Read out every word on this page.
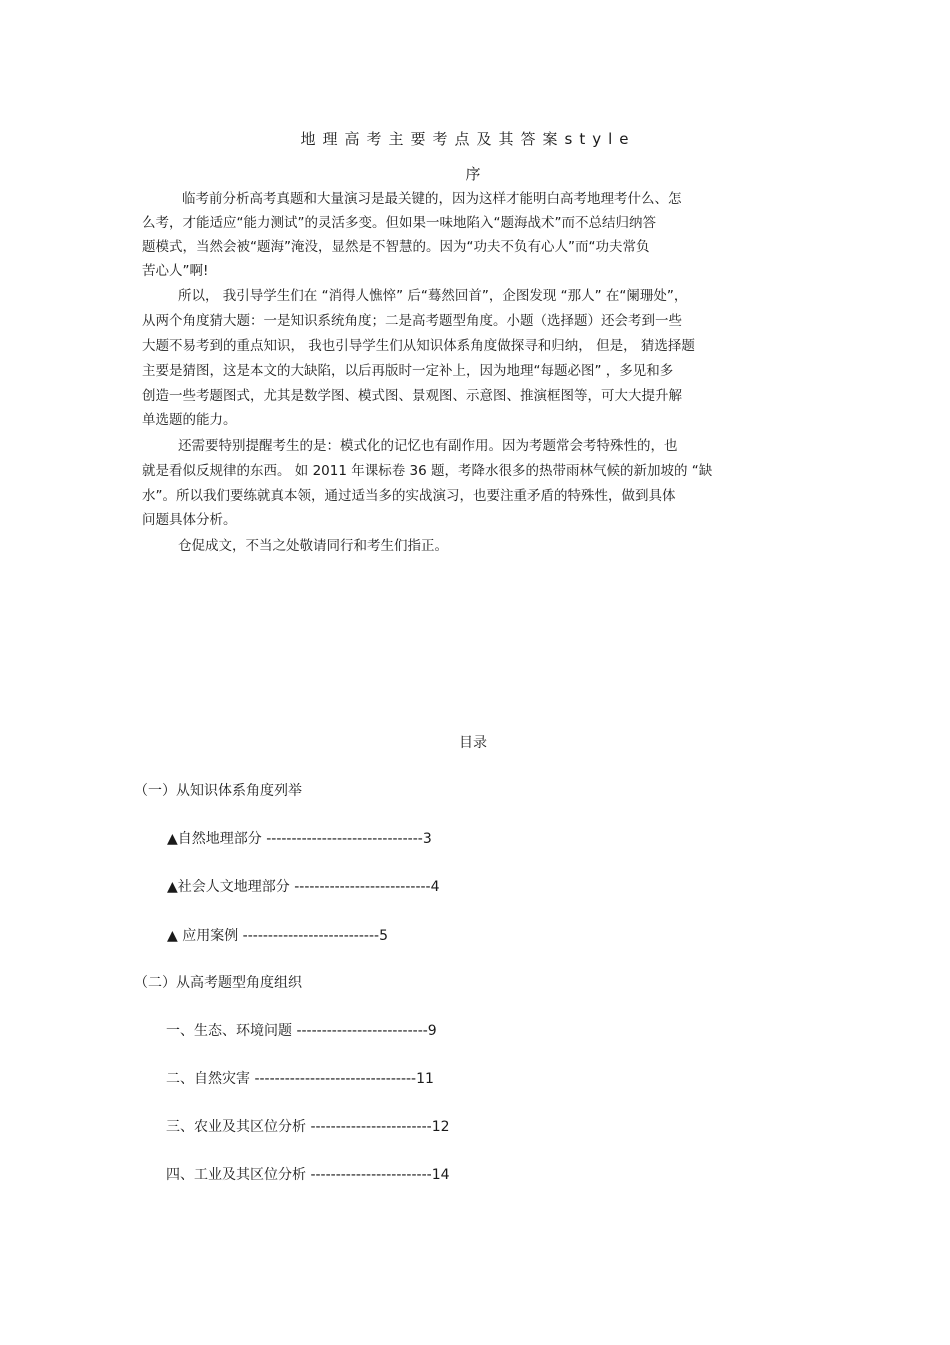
地理高考主要考点及其答案style
序
临考前分析高考真题和大量演习是最关键的，因为这样才能明白高考地理考什么、怎
么考，才能适应“能力测试”的灵活多变。但如果一味地陷入“题海战术”而不总结归纳答
题模式，当然会被“题海”淹没，显然是不智慧的。因为“功夫不负有心人”而“功夫常负
苦心人”啊!
所以， 我引导学生们在 “消得人憔悴” 后“蓦然回首”，企图发现 “那人” 在“阑珊处”，
从两个角度猜大题：一是知识系统角度；二是高考题型角度。小题（选择题）还会考到一些
大题不易考到的重点知识， 我也引导学生们从知识体系角度做探寻和归纳， 但是， 猜选择题
主要是猜图，这是本文的大缺陷，以后再版时一定补上，因为地理“每题必图” ，多见和多
创造一些考题图式，尤其是数学图、模式图、景观图、示意图、推演框图等，可大大提升解
单选题的能力。
还需要特别提醒考生的是：模式化的记忆也有副作用。因为考题常会考特殊性的，也
就是看似反规律的东西。 如 2011 年课标卷 36 题，考降水很多的热带雨林气候的新加坡的 “缺
水”。所以我们要练就真本领，通过适当多的实战演习，也要注重矛盾的特殊性，做到具体
问题具体分析。
仓促成文，不当之处敬请同行和考生们指正。
目录
（一）从知识体系角度列举
▲自然地理部分 -------------------------------3
▲社会人文地理部分 ---------------------------4
▲ 应用案例 ---------------------------5
（二）从高考题型角度组织
一、生态、环境问题 --------------------------9
二、自然灾害 --------------------------------11
三、农业及其区位分析 ------------------------12
四、工业及其区位分析 ------------------------14
